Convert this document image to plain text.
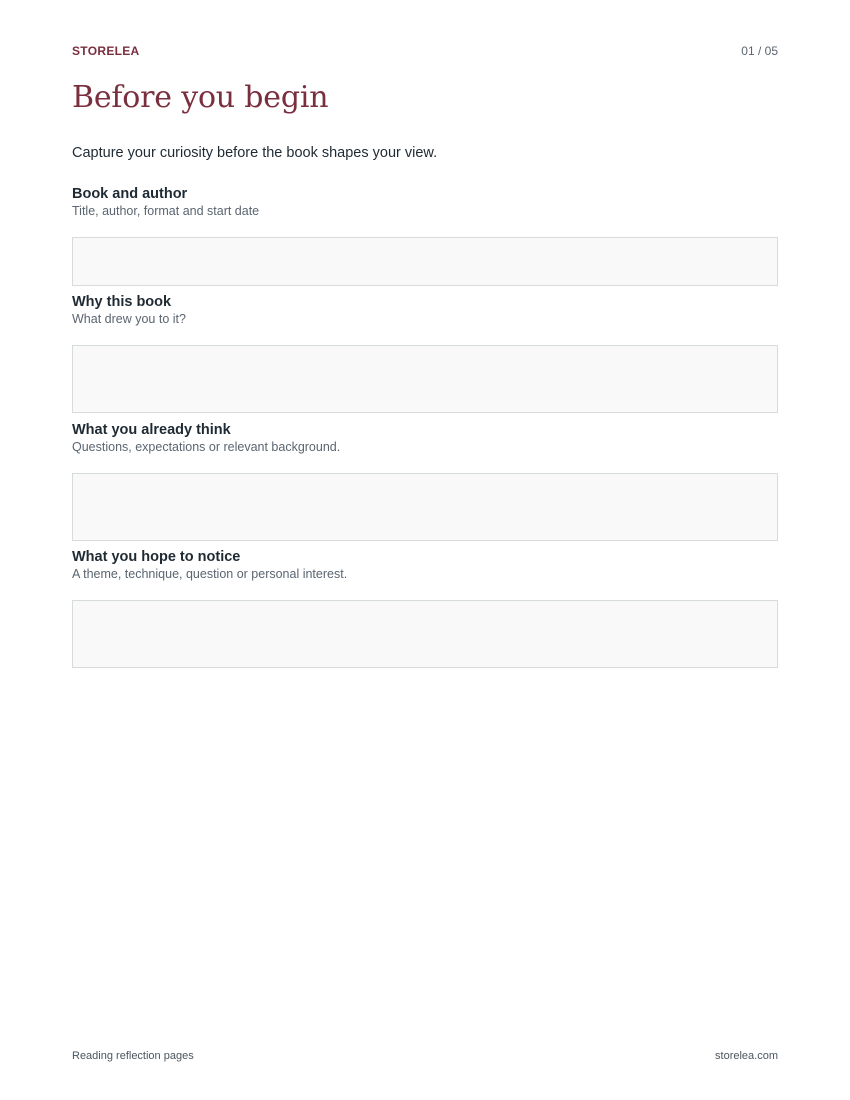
STORELEA	01 / 05
Before you begin
Capture your curiosity before the book shapes your view.
Book and author
Title, author, format and start date
Why this book
What drew you to it?
What you already think
Questions, expectations or relevant background.
What you hope to notice
A theme, technique, question or personal interest.
Reading reflection pages	storelea.com
